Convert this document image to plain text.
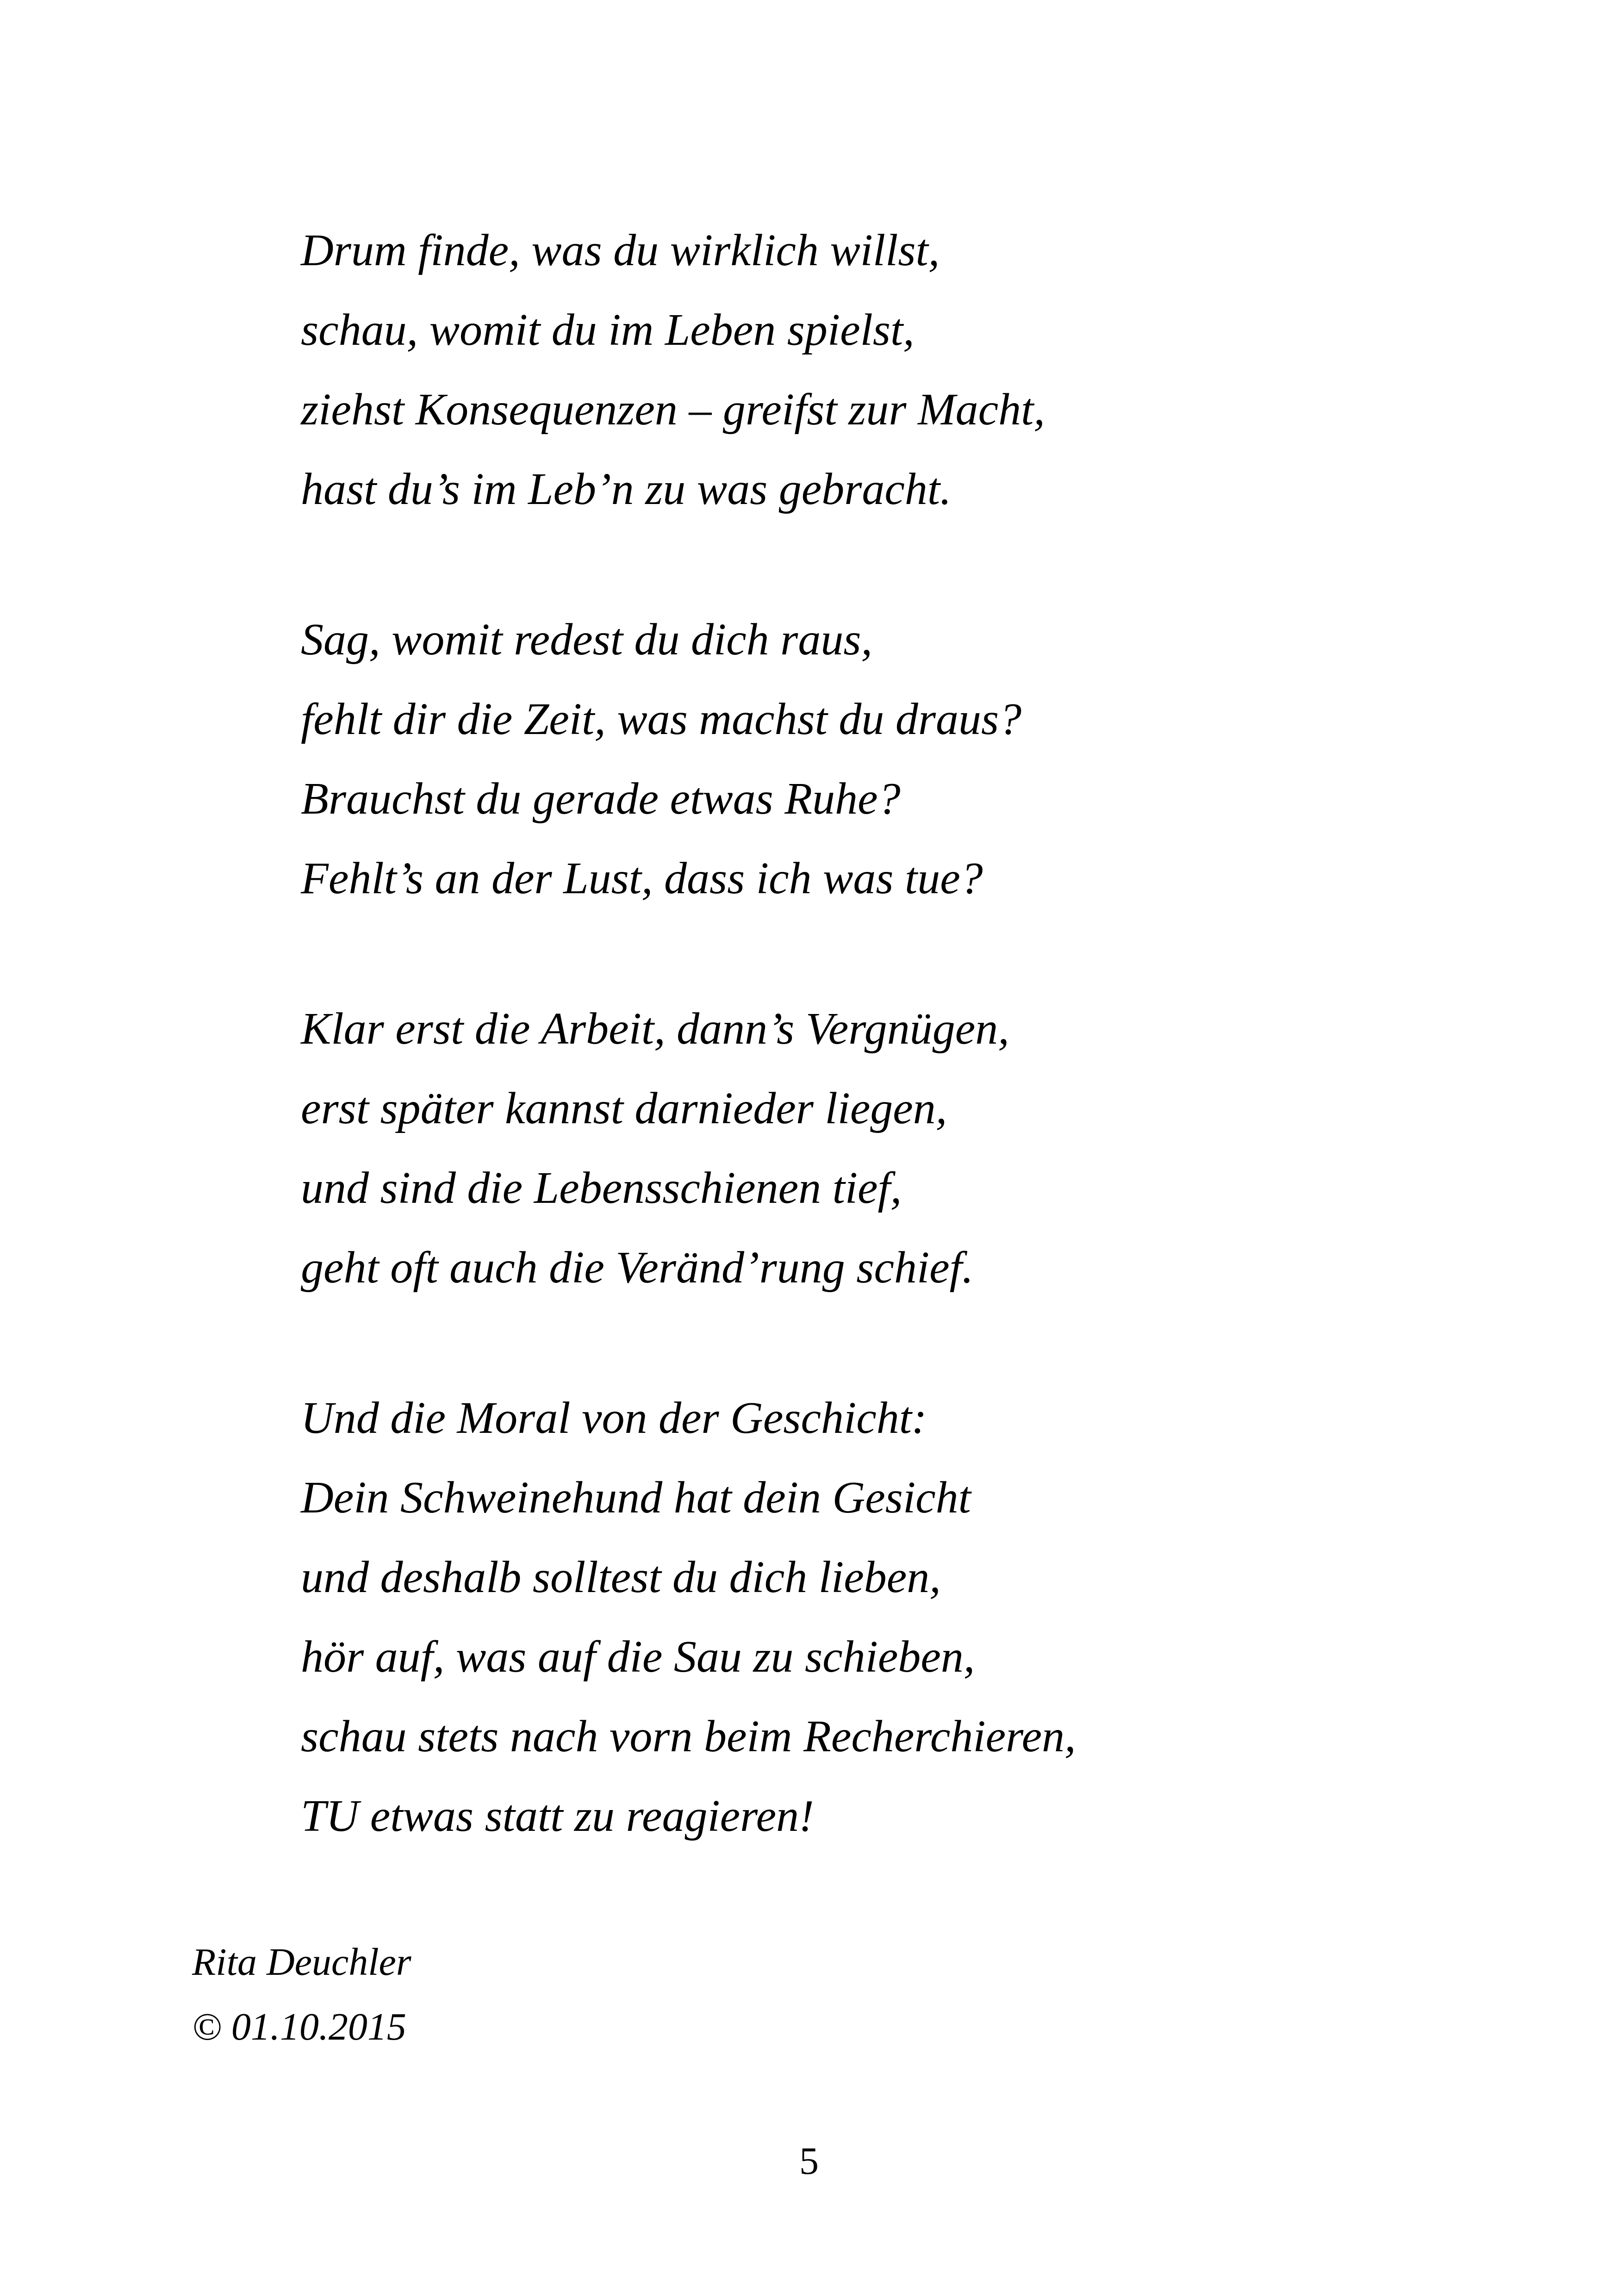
Drum finde, was du wirklich willst,
schau, womit du im Leben spielst,
ziehst Konsequenzen – greifst zur Macht,
hast du’s im Leb’n zu was gebracht.
Sag, womit redest du dich raus,
fehlt dir die Zeit, was machst du draus?
Brauchst du gerade etwas Ruhe?
Fehlt’s an der Lust, dass ich was tue?
Klar erst die Arbeit, dann’s Vergnügen,
erst später kannst darnieder liegen,
und sind die Lebensschienen tief,
geht oft auch die Veränd’rung schief.
Und die Moral von der Geschicht:
Dein Schweinehund hat dein Gesicht
und deshalb solltest du dich lieben,
hör auf, was auf die Sau zu schieben,
schau stets nach vorn beim Recherchieren,
TU etwas statt zu reagieren!
Rita Deuchler
© 01.10.2015
5
